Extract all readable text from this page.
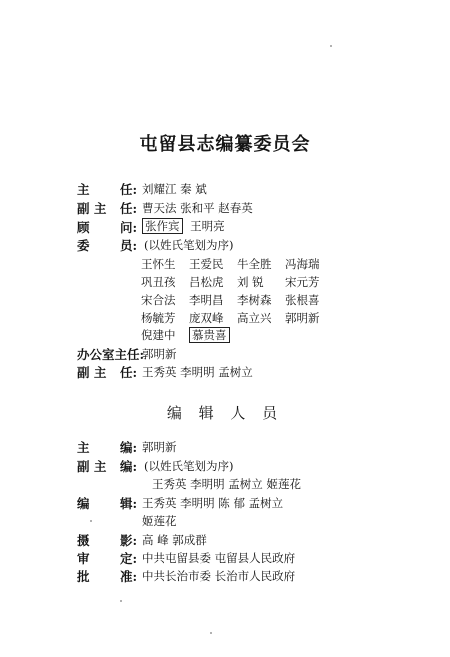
屯留县志编纂委员会
主 任: 刘耀江 秦 斌
副 主 任: 曹天法 张和平 赵春英
顾 问: 张作宾 王明亮
委 员: (以姓氏笔划为序)
王怀生 王爱民 牛全胜 冯海瑞
巩丑孩 吕松虎 刘 锐 宋元芳
宋合法 李明昌 李树森 张根喜
杨毓芳 庞双峰 高立兴 郭明新
倪建中 慕贵喜
办公室主任:
郭明新
副 主 任: 王秀英 李明明 孟树立
编 辑 人 员
主 编: 郭明新
副 主 编: (以姓氏笔划为序)
王秀英 李明明 孟树立 姬莲花
编 辑: 王秀英 李明明 陈 郁 孟树立
姬莲花
摄 影: 高 峰 郭成群
审 定: 中共屯留县委 屯留县人民政府
批 准: 中共长治市委 长治市人民政府
